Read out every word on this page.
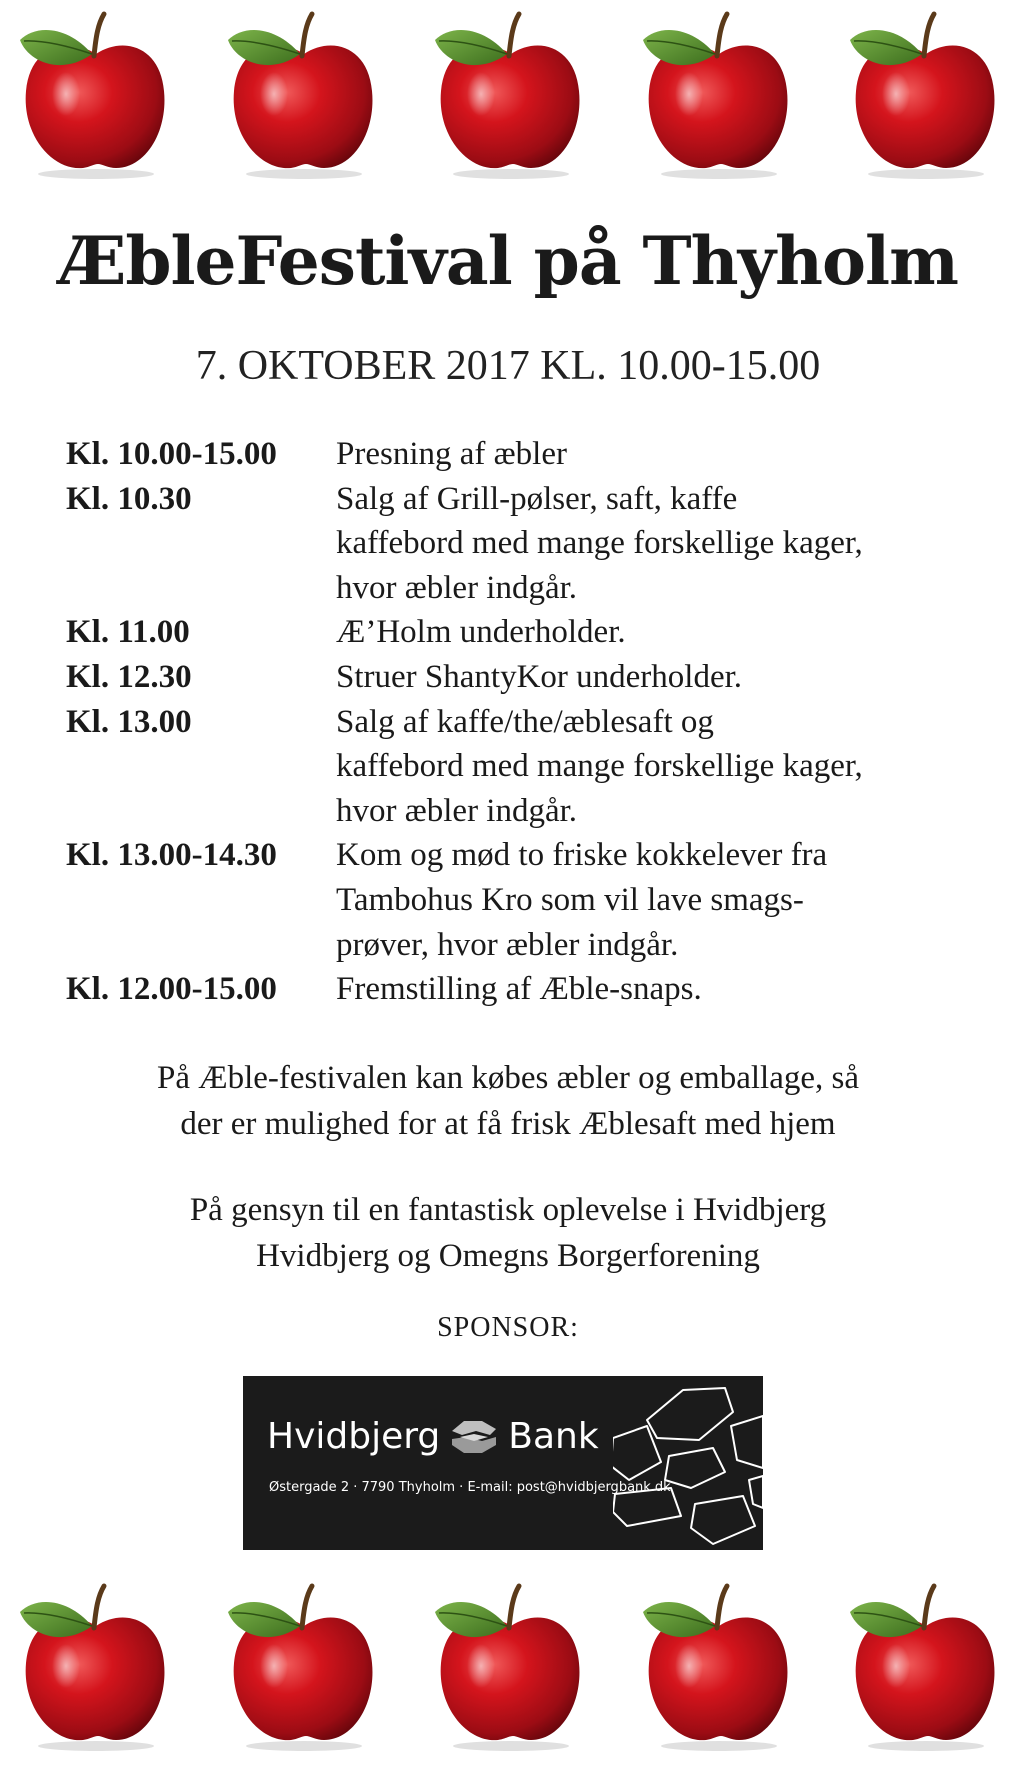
ÆbleFestival på Thyholm
7. OKTOBER 2017 KL. 10.00-15.00
Kl. 10.00-15.00	Presning af æbler
Kl. 10.30	Salg af Grill-pølser, saft, kaffe
kaffebord med mange forskellige kager,
hvor æbler indgår.
Kl. 11.00	Æ’Holm underholder.
Kl. 12.30	Struer ShantyKor underholder.
Kl. 13.00	Salg af kaffe/the/æblesaft og
kaffebord med mange forskellige kager,
hvor æbler indgår.
Kl. 13.00-14.30	Kom og mød to friske kokkelever fra
Tambohus Kro som vil lave smags-
prøver, hvor æbler indgår.
Kl. 12.00-15.00	Fremstilling af Æble-snaps.
På Æble-festivalen kan købes æbler og emballage, så
der er mulighed for at få frisk Æblesaft med hjem
På gensyn til en fantastisk oplevelse i Hvidbjerg
Hvidbjerg og Omegns Borgerforening
SPONSOR:
Hvidbjerg Bank
Østergade 2 · 7790 Thyholm · E-mail: post@hvidbjergbank.dk
